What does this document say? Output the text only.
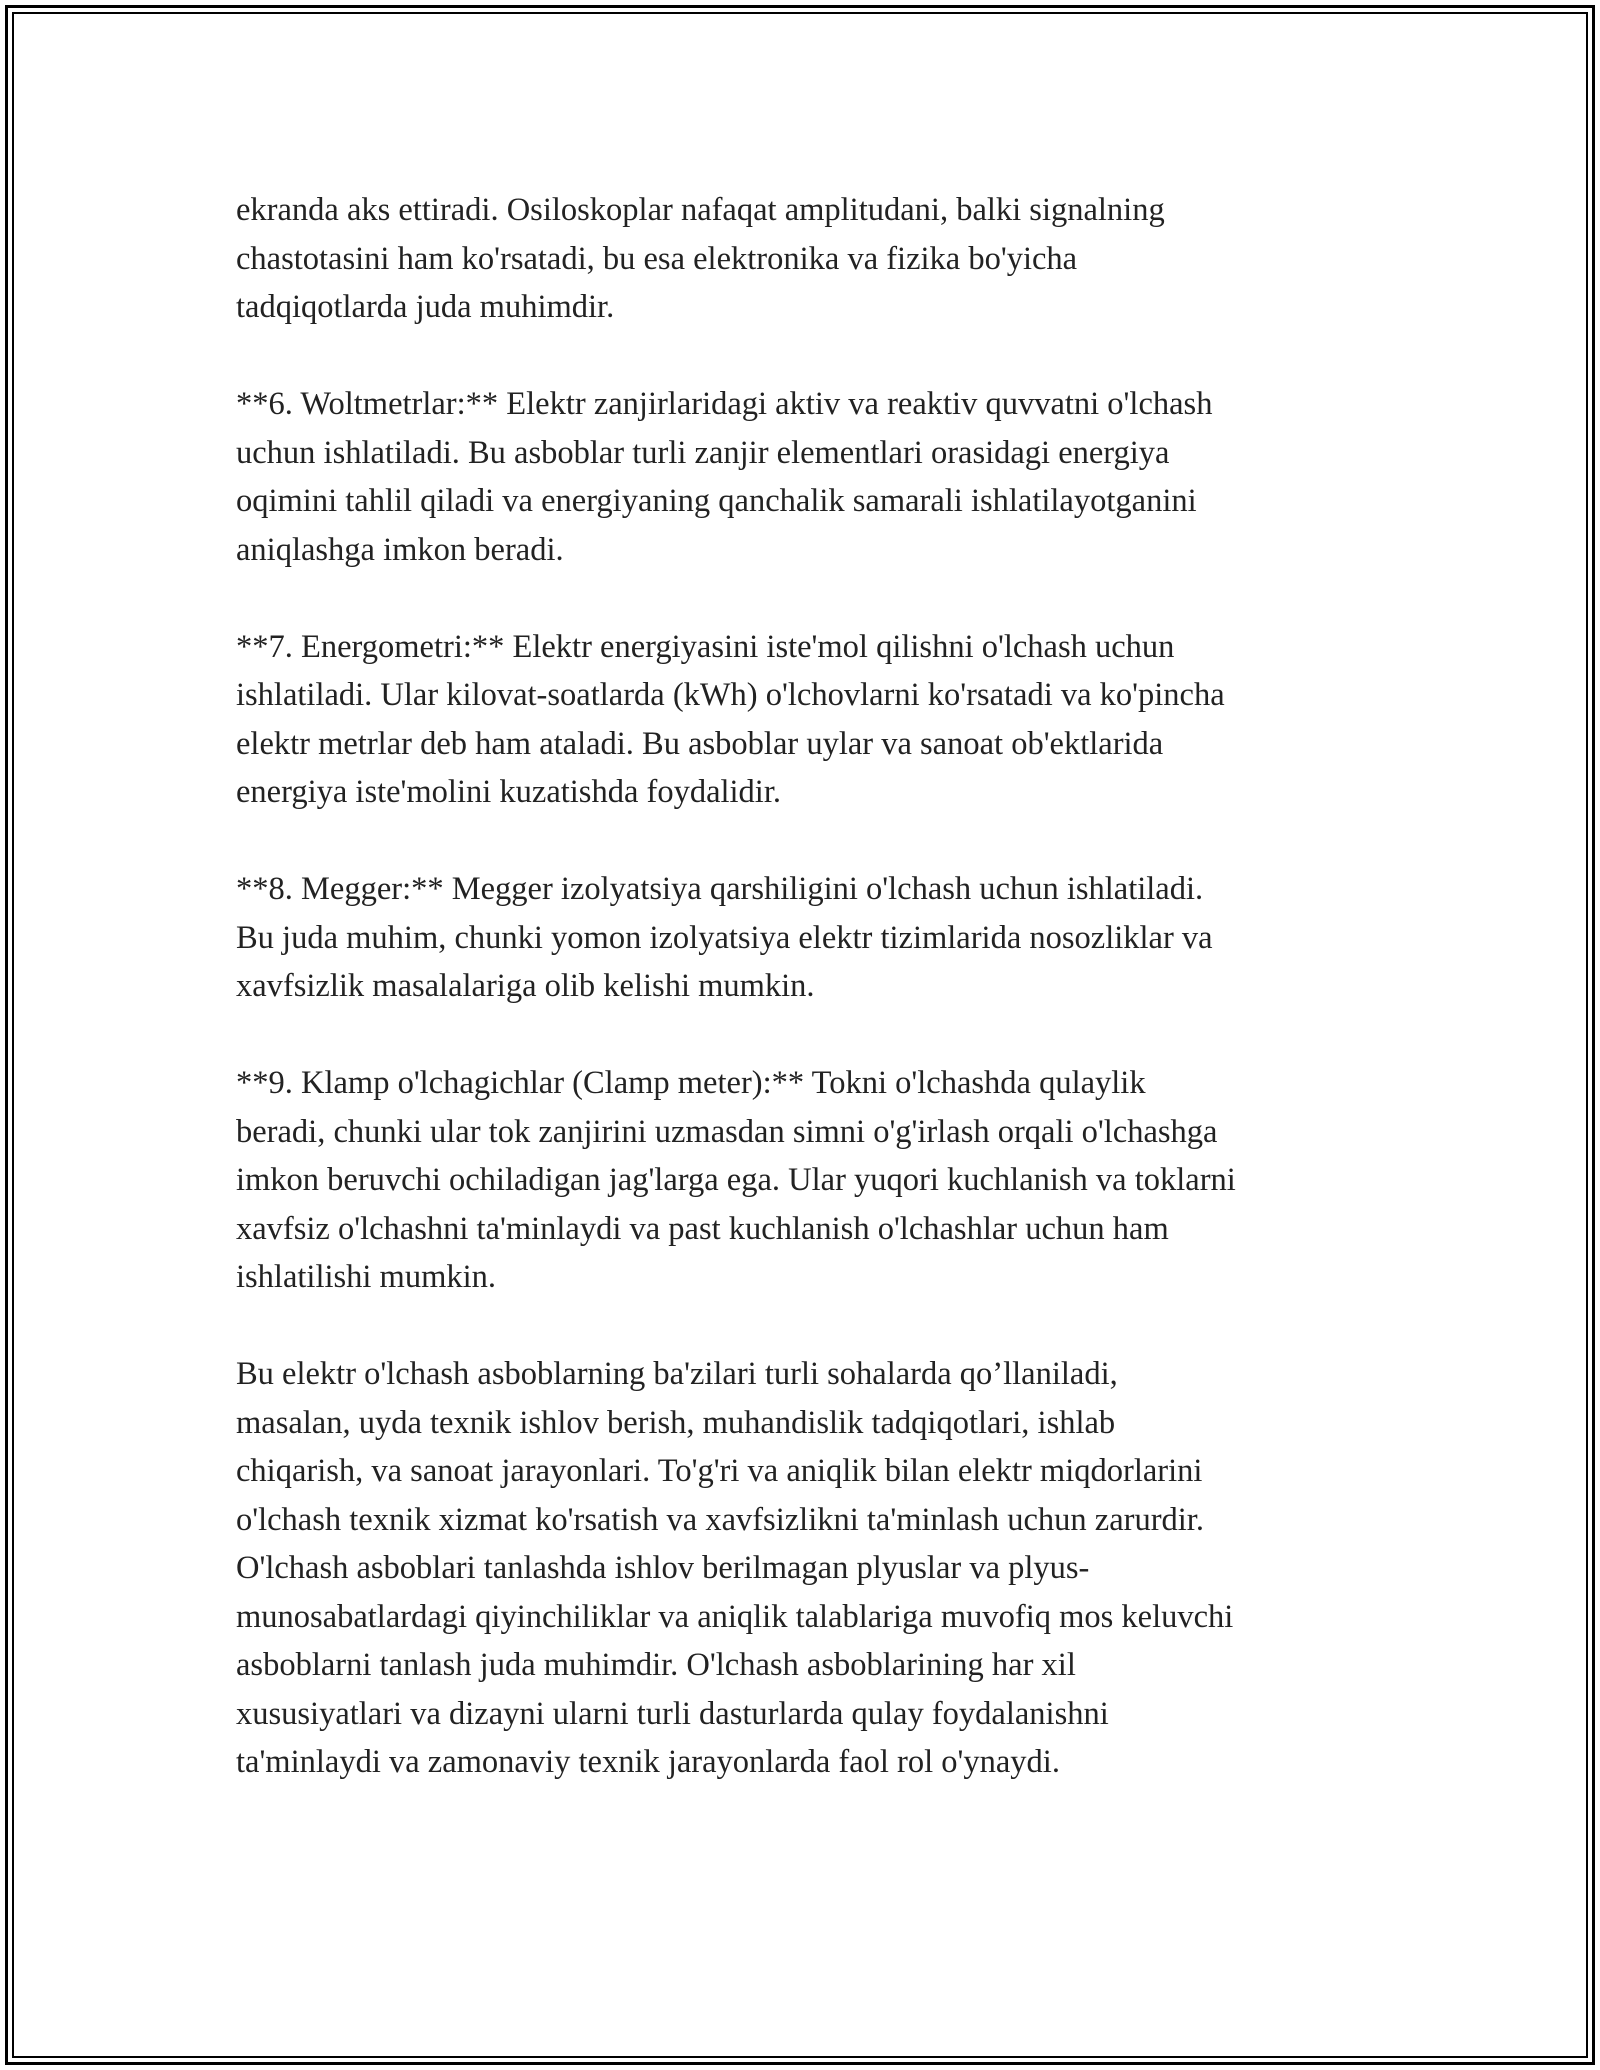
ekranda aks ettiradi. Osiloskoplar nafaqat amplitudani, balki signalning
chastotasini ham ko'rsatadi, bu esa elektronika va fizika bo'yicha
tadqiqotlarda juda muhimdir.

**6. Woltmetrlar:** Elektr zanjirlaridagi aktiv va reaktiv quvvatni o'lchash
uchun ishlatiladi. Bu asboblar turli zanjir elementlari orasidagi energiya
oqimini tahlil qiladi va energiyaning qanchalik samarali ishlatilayotganini
aniqlashga imkon beradi.

**7. Energometri:** Elektr energiyasini iste'mol qilishni o'lchash uchun
ishlatiladi. Ular kilovat-soatlarda (kWh) o'lchovlarni ko'rsatadi va ko'pincha
elektr metrlar deb ham ataladi. Bu asboblar uylar va sanoat ob'ektlarida
energiya iste'molini kuzatishda foydalidir.

**8. Megger:** Megger izolyatsiya qarshiligini o'lchash uchun ishlatiladi.
Bu juda muhim, chunki yomon izolyatsiya elektr tizimlarida nosozliklar va
xavfsizlik masalalariga olib kelishi mumkin.

**9. Klamp o'lchagichlar (Clamp meter):** Tokni o'lchashda qulaylik
beradi, chunki ular tok zanjirini uzmasdan simni o'g'irlash orqali o'lchashga
imkon beruvchi ochiladigan jag'larga ega. Ular yuqori kuchlanish va toklarni
xavfsiz o'lchashni ta'minlaydi va past kuchlanish o'lchashlar uchun ham
ishlatilishi mumkin.

Bu elektr o'lchash asboblarning ba'zilari turli sohalarda qo’llaniladi,
masalan, uyda texnik ishlov berish, muhandislik tadqiqotlari, ishlab
chiqarish, va sanoat jarayonlari. To'g'ri va aniqlik bilan elektr miqdorlarini
o'lchash texnik xizmat ko'rsatish va xavfsizlikni ta'minlash uchun zarurdir.
O'lchash asboblari tanlashda ishlov berilmagan plyuslar va plyus-
munosabatlardagi qiyinchiliklar va aniqlik talablariga muvofiq mos keluvchi
asboblarni tanlash juda muhimdir. O'lchash asboblarining har xil
xususiyatlari va dizayni ularni turli dasturlarda qulay foydalanishni
ta'minlaydi va zamonaviy texnik jarayonlarda faol rol o'ynaydi.
